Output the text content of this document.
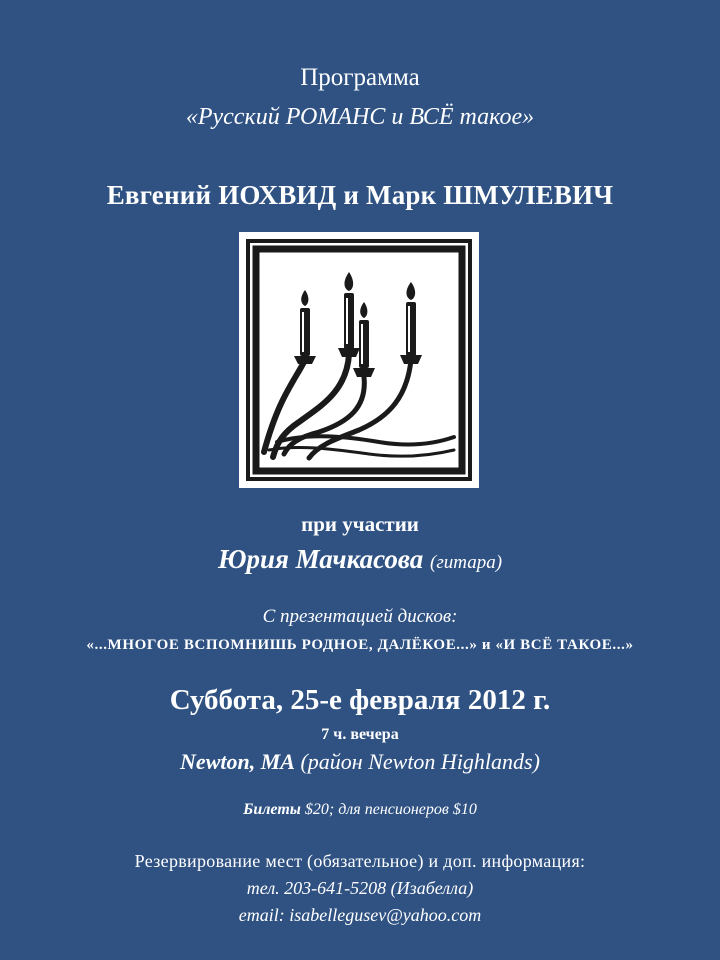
Программа
«Русский РОМАНС и ВСЁ такое»
Евгений ИОХВИД и Марк ШМУЛЕВИЧ
при участии
Юрия Мачкасова (гитара)
С презентацией дисков:
«...МНОГОЕ ВСПОМНИШЬ РОДНОЕ, ДАЛЁКОЕ...» и «И ВСЁ ТАКОЕ...»
Суббота, 25-е февраля 2012 г.
7 ч. вечера
Newton, MA (район Newton Highlands)
Билеты $20; для пенсионеров $10
Резервирование мест (обязательное) и доп. информация:
тел. 203-641-5208 (Изабелла)
email: isabellegusev@yahoo.com
